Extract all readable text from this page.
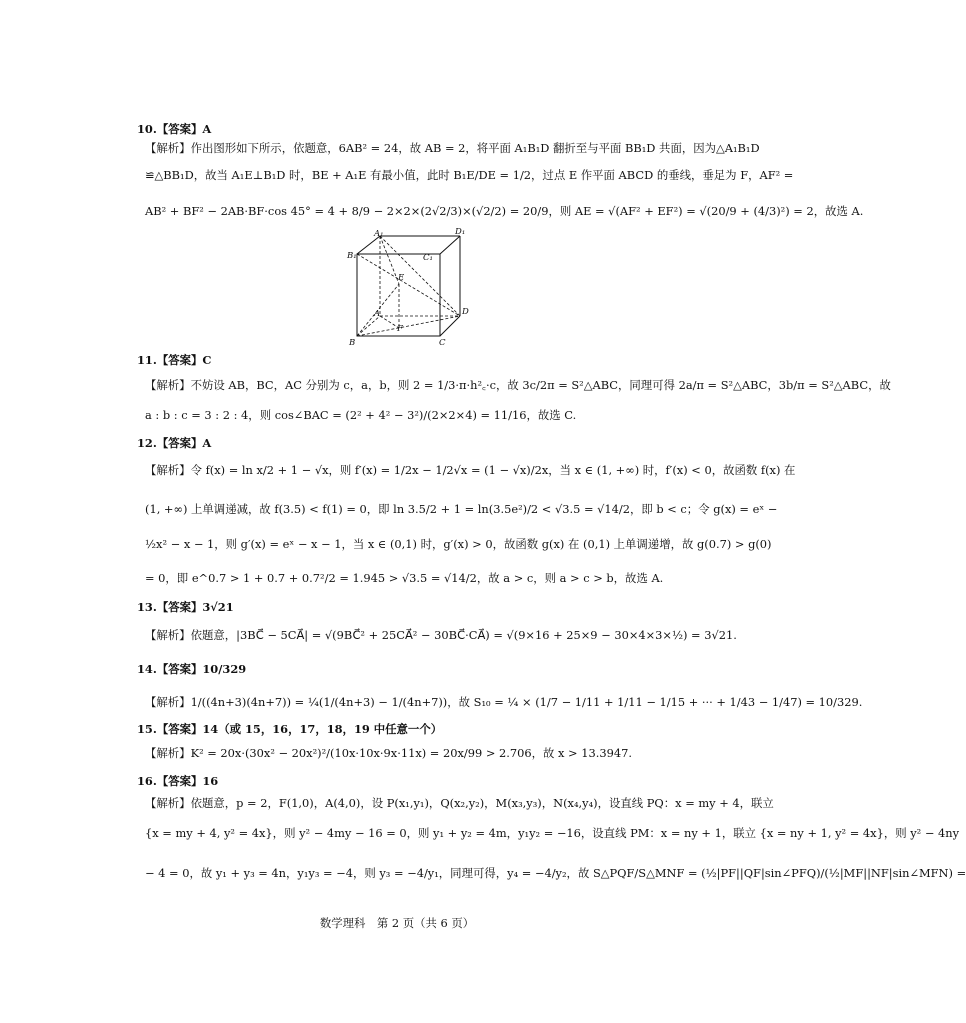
10.【答案】A
【解析】作出图形如下所示，依题意，6AB² = 24，故 AB = 2，将平面 A₁B₁D 翻折至与平面 BB₁D 共面，因为△A₁B₁D
≌△BB₁D，故当 A₁E⊥B₁D 时，BE + A₁E 有最小值，此时 B₁E/DE = 1/2，过点 E 作平面 ABCD 的垂线，垂足为 F，AF² =
AB² + BF² − 2AB·BF·cos 45° = 4 + 8/9 − 2×2×(2√2/3)×(√2/2) = 20/9，则 AE = √(AF² + EF²) = √(20/9 + (4/3)²) = 2，故选 A.
A₁	D₁
B₁	C₁
E
A
F
D
B	C
11.【答案】C
【解析】不妨设 AB，BC，AC 分别为 c，a，b，则 2 = 1/3·π·h²꜀·c，故 3c/2π = S²△ABC，同理可得 2a/π = S²△ABC，3b/π = S²△ABC，故
a : b : c = 3 : 2 : 4，则 cos∠BAC = (2² + 4² − 3²)/(2×2×4) = 11/16，故选 C.
12.【答案】A
【解析】令 f(x) = ln x/2 + 1 − √x，则 f′(x) = 1/2x − 1/2√x = (1 − √x)/2x，当 x ∈ (1, +∞) 时，f′(x) < 0，故函数 f(x) 在
(1, +∞) 上单调递减，故 f(3.5) < f(1) = 0，即 ln 3.5/2 + 1 = ln(3.5e²)/2 < √3.5 = √14/2，即 b < c；令 g(x) = eˣ −
½x² − x − 1，则 g′(x) = eˣ − x − 1，当 x ∈ (0,1) 时，g′(x) > 0，故函数 g(x) 在 (0,1) 上单调递增，故 g(0.7) > g(0)
= 0，即 e^0.7 > 1 + 0.7 + 0.7²/2 = 1.945 > √3.5 = √14/2，故 a > c，则 a > c > b，故选 A.
13.【答案】3√21
【解析】依题意，|3BC⃗ − 5CA⃗| = √(9BC⃗² + 25CA⃗² − 30BC⃗·CA⃗) = √(9×16 + 25×9 − 30×4×3×½) = 3√21.
14.【答案】10/329
【解析】1/((4n+3)(4n+7)) = ¼(1/(4n+3) − 1/(4n+7))，故 S₁₀ = ¼ × (1/7 − 1/11 + 1/11 − 1/15 + ··· + 1/43 − 1/47) = 10/329.
15.【答案】14（或 15，16，17，18，19 中任意一个）
【解析】K² = 20x·(30x² − 20x²)²/(10x·10x·9x·11x) = 20x/99 > 2.706，故 x > 13.3947.
16.【答案】16
【解析】依题意，p = 2，F(1,0)，A(4,0)，设 P(x₁,y₁)，Q(x₂,y₂)，M(x₃,y₃)，N(x₄,y₄)，设直线 PQ：x = my + 4，联立
{x = my + 4, y² = 4x}，则 y² − 4my − 16 = 0，则 y₁ + y₂ = 4m，y₁y₂ = −16，设直线 PM：x = ny + 1，联立 {x = ny + 1, y² = 4x}，则 y² − 4ny
− 4 = 0，故 y₁ + y₃ = 4n，y₁y₃ = −4，则 y₃ = −4/y₁，同理可得，y₄ = −4/y₂，故 S△PQF/S△MNF = (½|PF||QF|sin∠PFQ)/(½|MF||NF|sin∠MFN) =
数学理科　第 2 页（共 6 页）
